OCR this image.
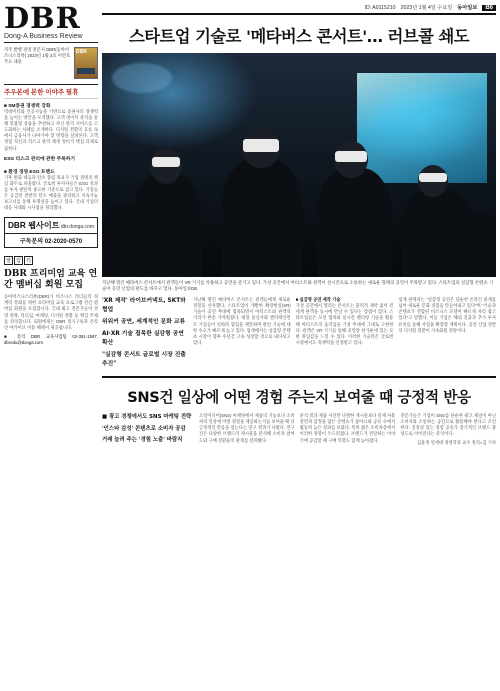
DBR
Dong-A Business Review
격주 발행 경영 전문지 DBR(동아비즈니스리뷰) 2023년 1월 2호 이번호 주요 내용
DBR
주우본에 본한 이야주 필휴
■ SM증권 경쟁력 강화
빅데이터와 인공지능을 기반으로 증권사의 경쟁력을 높이는 방안을 모색했다. 고객 데이터 분석을 통해 맞춤형 상품을 추천하고 자산 관리 서비스를 고도화하는 사례를 소개한다. 디지털 전환의 흐름 속에서 금융사가 나아가야 할 방향을 살펴본다. 고객 경험 혁신과 리스크 관리 체계 정비가 핵심 과제로 꼽힌다.
ESG 리스크 관리에 관한 주목하기
■ 환경 경영 ESG 트렌드
기후 변화 대응과 탄소 중립 목표가 기업 경영의 핵심 화두로 떠올랐다. 글로벌 투자자들은 ESG 성과를 투자 판단의 중요한 기준으로 삼고 있다. 기업들은 공급망 전반의 탄소 배출을 관리하고 지속가능 보고서를 통해 투명성을 높이고 있다. 국내 기업의 대응 사례와 시사점을 정리했다.
DBR 웹사이트 dbr.donga.com
구독문의 02-2020-0570
알	림	터
DBR 프리미엄 교육 연간 멤버십 회원 모집
동아비즈니스리뷰(DBR)가 비즈니스 리더들의 경쟁력 강화를 위한 프리미엄 교육 프로그램 연간 멤버십 회원을 모집합니다. 국내 최고 전문가들이 경영 전략, 리더십, 마케팅, 디지털 전환 등 핵심 주제를 강의합니다. 회원에게는 DBR 정기구독과 온라인 아카이브 이용 혜택이 제공됩니다.
■ 문의 DBR 교육사업팀 02-361-1597, dbredu@donga.com
ID: A0115210 2023년 1월 4일 수요일 동아일보	B6
스타트업 기술로 '메타버스 콘서트'… 러브콜 쇄도
지난해 열린 메타버스 콘서트에서 관객들이 VR 기기를 착용하고 공연을 즐기고 있다. 가상 공간에서 아티스트와 관객이 실시간으로 소통하는 새로운 형태의 공연이 주목받고 있다. 스타트업의 실감형 콘텐츠 기술이 공연 산업의 판도를 바꾸고 있다. 동아일보DB

'XR 제작' 라이브커넥트, SKT와 협업

위워커 공연, 세계적인 문화 교류

AI·XR 기술 접목한 실감형 공연 확산

"실감형 콘서트 글로벌 시장 진출 추진"

지난해 열린 메타버스 콘서트는 관객들에게 새로운 경험을 선사했다. 스타트업이 개발한 확장현실(XR) 기술이 공연 무대에 접목되면서 아티스트와 관객의 거리가 한층 가까워졌다. 대형 통신사와 엔터테인먼트 기업들이 잇따라 협업을 제안하며 관련 기술에 대한 수요가 빠르게 늘고 있다. 업계에서는 실감형 콘텐츠 시장이 향후 수년간 고속 성장할 것으로 내다보고 있다.
■ 실감형 공연 제작 기술
가상 공간에서 열리는 콘서트는 물리적 제약 없이 전 세계 관객을 동시에 만날 수 있다는 장점이 있다. 스타트업들은 모션 캡처와 실시간 렌더링 기술을 활용해 아티스트의 움직임을 가상 무대에 그대로 구현한다. 관객은 VR 기기를 통해 공연장 한가운데 있는 듯한 몰입감을 느낄 수 있다. 이러한 기술력은 글로벌 시장에서도 경쟁력을 인정받고 있다.
업계 관계자는 "실감형 공연은 단순한 온라인 중계를 넘어 새로운 문화 경험을 만들어내고 있다"며 "기술과 콘텐츠가 결합된 비즈니스 모델이 빠르게 자리 잡고 있다"고 말했다. 이들 기업은 해외 진출과 추가 투자 유치를 통해 사업을 확장할 계획이다. 공연 산업 전반의 디지털 전환이 가속화될 전망이다.
SNS건 일상에 어떤 경험 주는지 보여줄 때 긍정적 반응

■ 광고 경쟁에서도 SNS 마케팅 전략

'인스타 감성' 콘텐츠로 소비자 공감

거래 늘려 주는 '경험 노출' 바람직

소셜미디어(SNS) 마케팅에서 제품의 기능보다 소비자의 일상에 어떤 경험을 제공하는지를 보여줄 때 더 긍정적인 반응을 얻는다는 연구 결과가 나왔다. 연구진은 다양한 브랜드의 게시물을 분석해 소비자 참여도와 구매 전환율의 관계를 살펴봤다.
분석 결과 제품 사진만 나열한 게시물보다 실제 사용 장면과 감정을 담은 콘텐츠가 좋아요와 공유 수에서 월등히 높은 성과를 보였다. 특히 젊은 소비자층에서 이러한 경향이 두드러졌다. 브랜드가 전달하는 이야기에 공감할 때 구매 의향도 함께 높아졌다.
전문가들은 기업이 SNS를 단순한 광고 채널이 아닌 소비자와 소통하는 공간으로 활용해야 한다고 조언한다. 진정성 있는 경험 공유가 장기적인 브랜드 충성도로 이어진다는 분석이다.
김윤경 연세대 경영학과 교수 정리=김 기자
